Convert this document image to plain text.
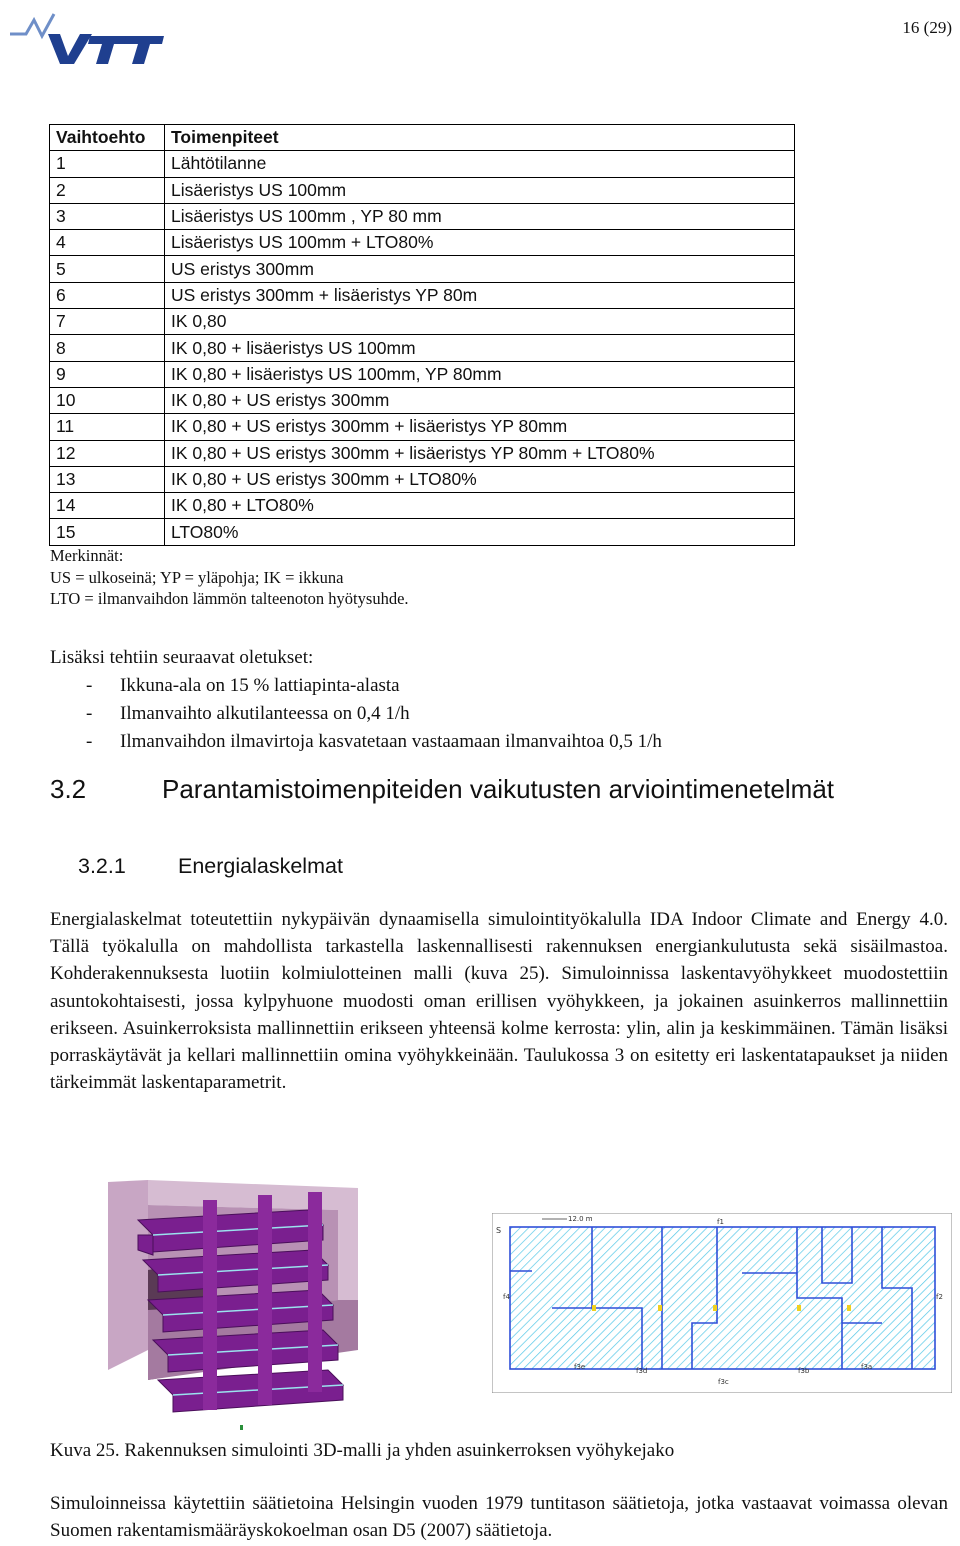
16 (29)
Vaihtoehto	Toimenpiteet
1	Lähtötilanne
2	Lisäeristys US 100mm
3	Lisäeristys US 100mm , YP 80 mm
4	Lisäeristys US 100mm + LTO80%
5	US eristys 300mm
6	US eristys 300mm + lisäeristys YP 80m
7	IK 0,80
8	IK 0,80 + lisäeristys US 100mm
9	IK 0,80 + lisäeristys US 100mm, YP 80mm
10	IK 0,80 + US eristys 300mm
11	IK 0,80 + US eristys 300mm + lisäeristys YP 80mm
12	IK 0,80 + US eristys 300mm + lisäeristys YP 80mm + LTO80%
13	IK 0,80 + US eristys 300mm + LTO80%
14	IK 0,80 + LTO80%
15	LTO80%
Merkinnät:
US = ulkoseinä; YP = yläpohja; IK = ikkuna
LTO = ilmanvaihdon lämmön talteenoton hyötysuhde.
Lisäksi tehtiin seuraavat oletukset:
- Ikkuna-ala on 15 % lattiapinta-alasta
- Ilmanvaihto alkutilanteessa on 0,4 1/h
- Ilmanvaihdon ilmavirtoja kasvatetaan vastaamaan ilmanvaihtoa 0,5 1/h
3.2	Parantamistoimenpiteiden vaikutusten arviointimenetelmät
3.2.1 Energialaskelmat

Energialaskelmat toteutettiin nykypäivän dynaamisella simulointityökalulla IDA Indoor Climate and Energy 4.0. Tällä työkalulla on mahdollista tarkastella laskennallisesti rakennuksen energiankulutusta sekä sisäilmastoa. Kohderakennuksesta luotiin kolmiulotteinen malli (kuva 25). Simuloinnissa laskentavyöhykkeet muodostettiin asuntokohtaisesti, jossa kylpyhuone muodosti oman erillisen vyöhykkeen, ja jokainen asuinkerros mallinnettiin erikseen. Asuinkerroksista mallinnettiin erikseen yhteensä kolme kerrosta: ylin, alin ja keskimmäinen. Tämän lisäksi porraskäytävät ja kellari mallinnettiin omina vyöhykkeinään. Taulukossa 3 on esitetty eri laskentatapaukset ja niiden tärkeimmät laskentaparametrit.

S
12.0 m	f1
f2
f4
f3e	f3d
f3c
f3b	f3a
Kuva 25. Rakennuksen simulointi 3D-malli ja yhden asuinkerroksen vyöhykejako

Simuloinneissa käytettiin säätietoina Helsingin vuoden 1979 tuntitason säätietoja, jotka vastaavat voimassa olevan Suomen rakentamismääräyskokoelman osan D5 (2007) säätietoja.
